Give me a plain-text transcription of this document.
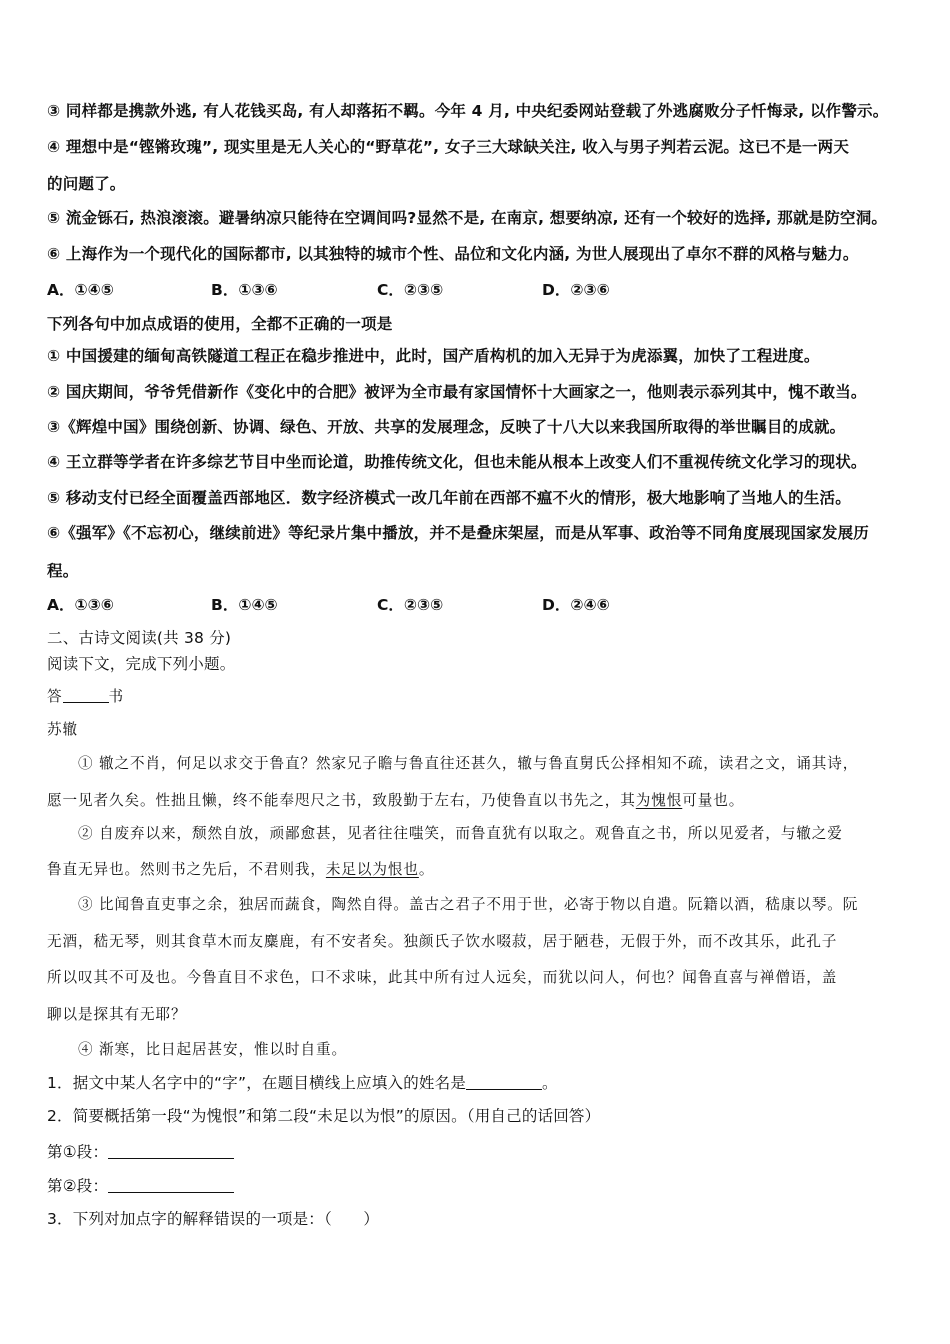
③ 同样都是携款外逃, 有人花钱买岛, 有人却落拓不羁。今年 4 月, 中央纪委网站登载了外逃腐败分子忏悔录, 以作警示。
④ 理想中是“铿锵玫瑰”, 现实里是无人关心的“野草花”, 女子三大球缺关注, 收入与男子判若云泥。这已不是一两天
的问题了。
⑤ 流金铄石, 热浪滚滚。避暑纳凉只能待在空调间吗?显然不是, 在南京, 想要纳凉, 还有一个较好的选择, 那就是防空洞。
⑥ 上海作为一个现代化的国际都市, 以其独特的城市个性、品位和文化内涵, 为世人展现出了卓尔不群的风格与魅力。
A．①④⑤	B．①③⑥	C．②③⑤	D．②③⑥
下列各句中加点成语的使用，全都不正确的一项是
① 中国援建的缅甸高铁隧道工程正在稳步推进中，此时，国产盾构机的加入无异于为虎添翼，加快了工程进度。
② 国庆期间，爷爷凭借新作《变化中的合肥》被评为全市最有家国情怀十大画家之一，他则表示忝列其中，愧不敢当。
③《辉煌中国》围绕创新、协调、绿色、开放、共享的发展理念，反映了十八大以来我国所取得的举世瞩目的成就。
④ 王立群等学者在许多综艺节目中坐而论道，助推传统文化，但也未能从根本上改变人们不重视传统文化学习的现状。
⑤ 移动支付已经全面覆盖西部地区．数字经济模式一改几年前在西部不瘟不火的情形，极大地影响了当地人的生活。
⑥《强军》《不忘初心，继续前进》等纪录片集中播放，并不是叠床架屋，而是从军事、政治等不同角度展现国家发展历
程。
A．①③⑥	B．①④⑤	C．②③⑤	D．②④⑥
二、古诗文阅读(共 38 分)
阅读下文，完成下列小题。
答	书
苏辙
① 辙之不肖，何足以求交于鲁直？然家兄子瞻与鲁直往还甚久，辙与鲁直舅氏公择相知不疏，读君之文，诵其诗，
愿一见者久矣。性拙且懒，终不能奉咫尺之书，致殷勤于左右，乃使鲁直以书先之，其为愧恨可量也。
② 自废弃以来，颓然自放，顽鄙愈甚，见者往往嗤笑，而鲁直犹有以取之。观鲁直之书，所以见爱者，与辙之爱
鲁直无异也。然则书之先后，不君则我，未足以为恨也。
③ 比闻鲁直吏事之余，独居而蔬食，陶然自得。盖古之君子不用于世，必寄于物以自遣。阮籍以酒，嵇康以琴。阮
无酒，嵇无琴，则其食草木而友麋鹿，有不安者矣。独颜氏子饮水啜菽，居于陋巷，无假于外，而不改其乐，此孔子
所以叹其不可及也。今鲁直目不求色，口不求味，此其中所有过人远矣，而犹以问人，何也？闻鲁直喜与禅僧语，盖
聊以是探其有无耶？
④ 渐寒，比日起居甚安，惟以时自重。
1．据文中某人名字中的“字”，在题目横线上应填入的姓名是	。
2．简要概括第一段“为愧恨”和第二段“未足以为恨”的原因。（用自己的话回答）
第①段：
第②段：
3．下列对加点字的解释错误的一项是：（　　）
